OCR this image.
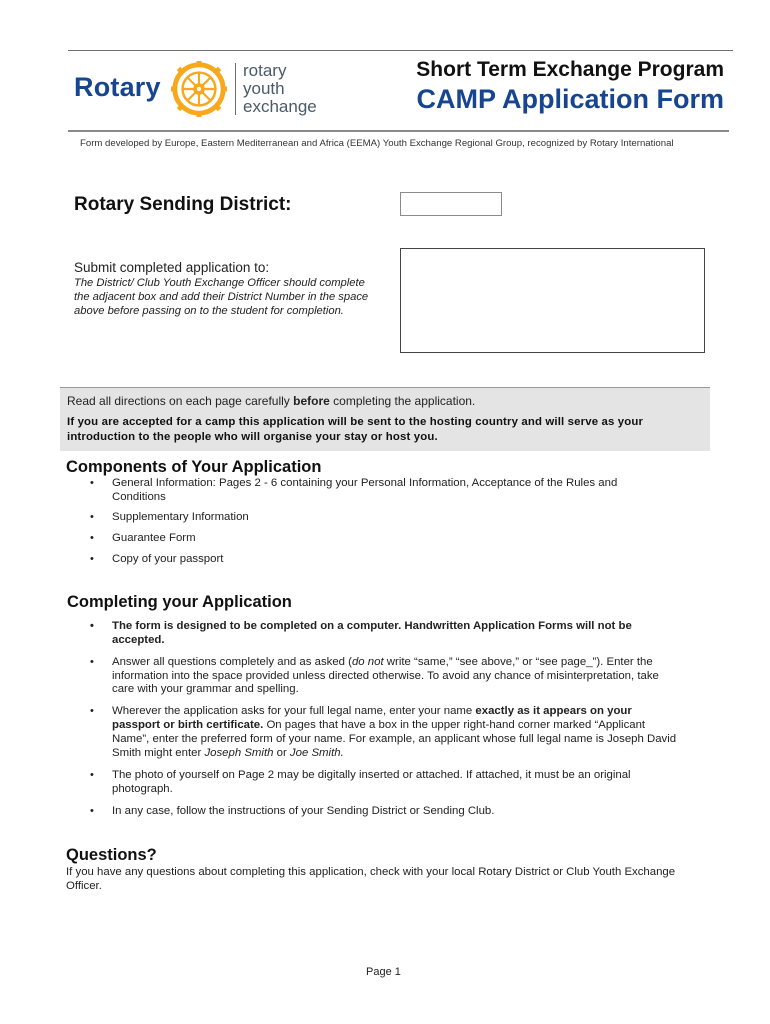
Rotary
rotary
youth
exchange
Short Term Exchange Program
CAMP Application Form
Form developed by Europe, Eastern Mediterranean and Africa (EEMA) Youth Exchange Regional Group, recognized by Rotary International
Rotary Sending District:
Submit completed application to:
The District/ Club Youth Exchange Officer should complete the adjacent box and add their District Number in the space above before passing on to the student for completion.
Read all directions on each page carefully before completing the application.
If you are accepted for a camp this application will be sent to the hosting country and will serve as your introduction to the people who will organise your stay or host you.
Components of Your Application
• General Information: Pages 2 - 6 containing your Personal Information, Acceptance of the Rules and Conditions
• Supplementary Information
• Guarantee Form
• Copy of your passport
Completing your Application
• The form is designed to be completed on a computer. Handwritten Application Forms will not be accepted.
• Answer all questions completely and as asked (do not write “same,” “see above,” or “see page_”). Enter the information into the space provided unless directed otherwise. To avoid any chance of misinterpretation, take care with your grammar and spelling.
• Wherever the application asks for your full legal name, enter your name exactly as it appears on your passport or birth certificate. On pages that have a box in the upper right-hand corner marked “Applicant Name”, enter the preferred form of your name. For example, an applicant whose full legal name is Joseph David Smith might enter Joseph Smith or Joe Smith.
• The photo of yourself on Page 2 may be digitally inserted or attached. If attached, it must be an original photograph.
• In any case, follow the instructions of your Sending District or Sending Club.
Questions?
If you have any questions about completing this application, check with your local Rotary District or Club Youth Exchange Officer.
Page 1
